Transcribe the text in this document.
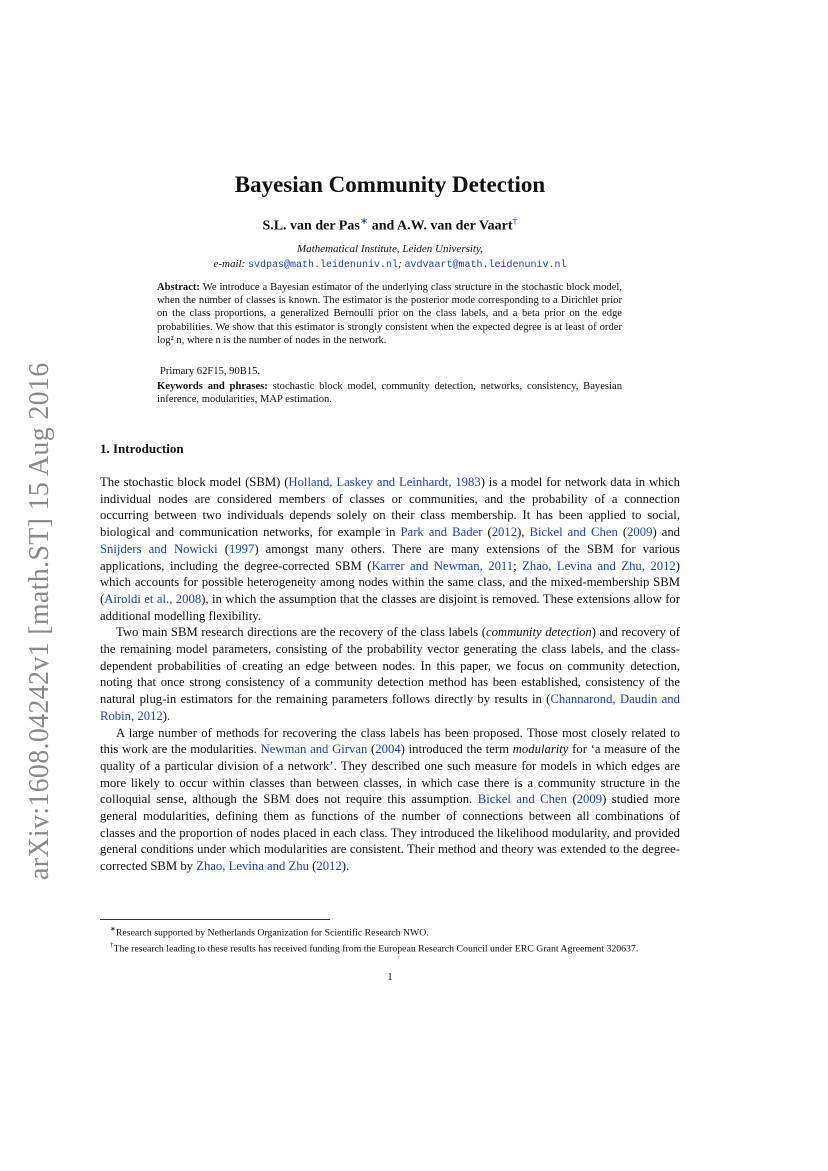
arXiv:1608.04242v1 [math.ST] 15 Aug 2016
Bayesian Community Detection
S.L. van der Pas∗ and A.W. van der Vaart†
Mathematical Institute, Leiden University,
e-mail: svdpas@math.leidenuniv.nl; avdvaart@math.leidenuniv.nl
Abstract: We introduce a Bayesian estimator of the underlying class structure in the stochastic block model, when the number of classes is known. The estimator is the posterior mode corresponding to a Dirichlet prior on the class proportions, a generalized Bernoulli prior on the class labels, and a beta prior on the edge probabilities. We show that this estimator is strongly consistent when the expected degree is at least of order log² n, where n is the number of nodes in the network.
Primary 62F15, 90B15.
Keywords and phrases: stochastic block model, community detection, networks, consistency, Bayesian inference, modularities, MAP estimation.
1. Introduction

The stochastic block model (SBM) (Holland, Laskey and Leinhardt, 1983) is a model for network data in which individual nodes are considered members of classes or communities, and the probability of a connection occurring between two individuals depends solely on their class membership. It has been applied to social, biological and communication networks, for example in Park and Bader (2012), Bickel and Chen (2009) and Snijders and Nowicki (1997) amongst many others. There are many extensions of the SBM for various applications, including the degree-corrected SBM (Karrer and Newman, 2011; Zhao, Levina and Zhu, 2012) which accounts for possible heterogeneity among nodes within the same class, and the mixed-membership SBM (Airoldi et al., 2008), in which the assumption that the classes are disjoint is removed. These extensions allow for additional modelling flexibility.

Two main SBM research directions are the recovery of the class labels (community detection) and recovery of the remaining model parameters, consisting of the probability vector generating the class labels, and the class-dependent probabilities of creating an edge between nodes. In this paper, we focus on community detection, noting that once strong consistency of a community detection method has been established, consistency of the natural plug-in estimators for the remaining parameters follows directly by results in (Channarond, Daudin and Robin, 2012).

A large number of methods for recovering the class labels has been proposed. Those most closely related to this work are the modularities. Newman and Girvan (2004) introduced the term modularity for ‘a measure of the quality of a particular division of a network’. They described one such measure for models in which edges are more likely to occur within classes than between classes, in which case there is a community structure in the colloquial sense, although the SBM does not require this assumption. Bickel and Chen (2009) studied more general modularities, defining them as functions of the number of connections between all combinations of classes and the proportion of nodes placed in each class. They introduced the likelihood modularity, and provided general conditions under which modularities are consistent. Their method and theory was extended to the degree-corrected SBM by Zhao, Levina and Zhu (2012).

∗Research supported by Netherlands Organization for Scientific Research NWO.

†The research leading to these results has received funding from the European Research Council under ERC Grant Agreement 320637.

1
